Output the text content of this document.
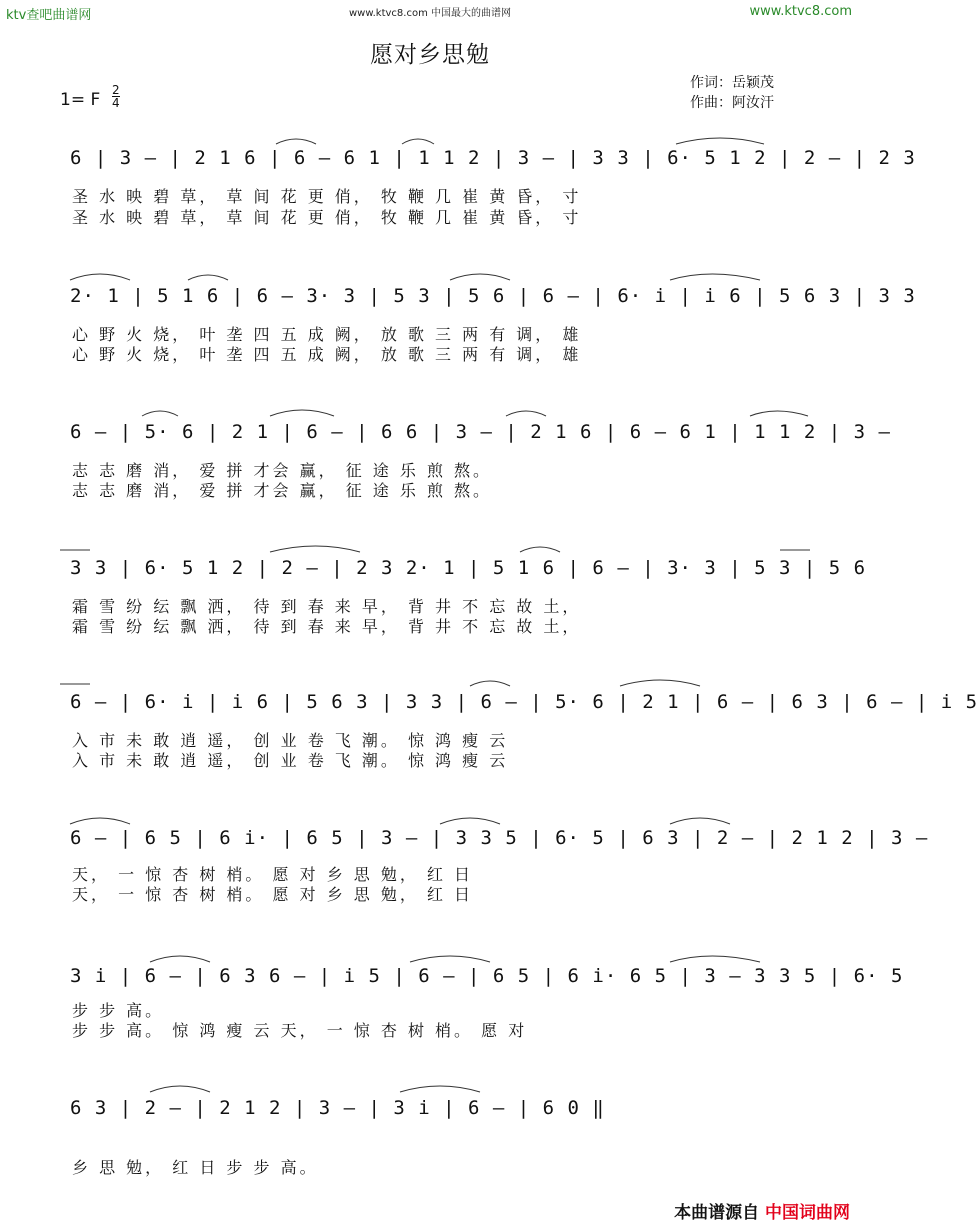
ktv查吧曲谱网	www.ktvc8.com 中国最大的曲谱网	www.ktvc8.com
愿对乡思勉
1= F 2
4
作词：岳颖茂
作曲：阿汝汗
6 | 3 – | 2 1 6 | 6 – 6 1 | 1 1 2 | 3 – | 3 3 | 6· 5 1 2 | 2 – | 2 3
圣 水 映 碧 草， 草 间 花 更 俏， 牧 鞭 几 崔 黄 昏， 寸
圣 水 映 碧 草， 草 间 花 更 俏， 牧 鞭 几 崔 黄 昏， 寸
2· 1 | 5 1 6 | 6 – 3· 3 | 5 3 | 5 6 | 6 – | 6· i | i 6 | 5 6 3 | 3 3
心 野 火 烧， 叶 垄 四 五 成 阙， 放 歌 三 两 有 调， 雄
心 野 火 烧， 叶 垄 四 五 成 阙， 放 歌 三 两 有 调， 雄
6 – | 5· 6 | 2 1 | 6 – | 6 6 | 3 – | 2 1 6 | 6 – 6 1 | 1 1 2 | 3 –
志 志 磨 消， 爱 拼 才会 赢， 征 途 乐 煎 熬。
志 志 磨 消， 爱 拼 才会 赢， 征 途 乐 煎 熬。
3 3 | 6· 5 1 2 | 2 – | 2 3 2· 1 | 5 1 6 | 6 – | 3· 3 | 5 3 | 5 6
霜 雪 纷 纭 飘 洒， 待 到 春 来 早， 背 井 不 忘 故 土，
霜 雪 纷 纭 飘 洒， 待 到 春 来 早， 背 井 不 忘 故 土，
6 – | 6· i | i 6 | 5 6 3 | 3 3 | 6 – | 5· 6 | 2 1 | 6 – | 6 3 | 6 – | i 5
入 市 未 敢 逍 遥， 创 业 卷 飞 潮。 惊 鸿 瘦 云
入 市 未 敢 逍 遥， 创 业 卷 飞 潮。 惊 鸿 瘦 云
6 – | 6 5 | 6 i· | 6 5 | 3 – | 3 3 5 | 6· 5 | 6 3 | 2 – | 2 1 2 | 3 –
天， 一 惊 杏 树 梢。 愿 对 乡 思 勉， 红 日
天， 一 惊 杏 树 梢。 愿 对 乡 思 勉， 红 日
3 i | 6 – | 6 3 6 – | i 5 | 6 – | 6 5 | 6 i· 6 5 | 3 – 3 3 5 | 6· 5
步 步 高。
步 步 高。 惊 鸿 瘦 云 天， 一 惊 杏 树 梢。 愿 对
6 3 | 2 – | 2 1 2 | 3 – | 3 i | 6 – | 6 0 ‖
乡 思 勉， 红 日 步 步 高。
本曲谱源自 中国词曲网
